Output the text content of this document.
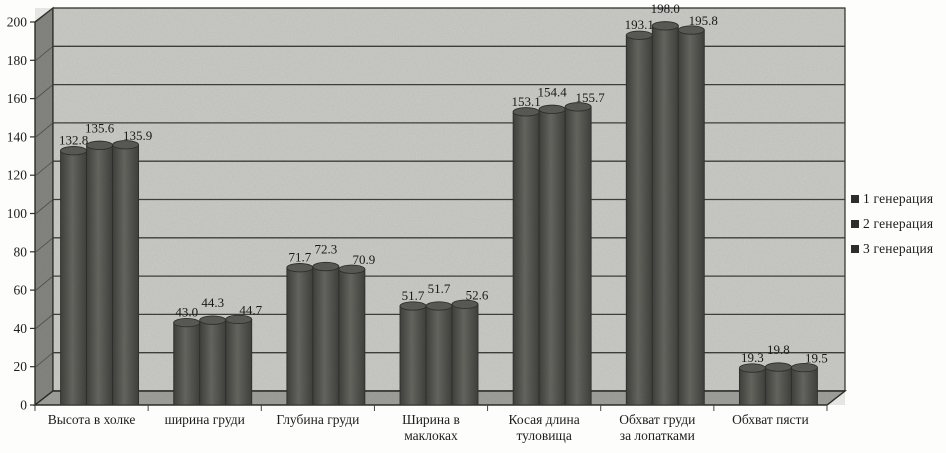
0
20
40
60
80
100
120
140
160
180
200
132.8
135.6 135.9
Высота в холке
43.0
44.3 44.7
ширина груди
71.7
72.3
70.9
Глубина груди
51.7 51.7 52.6
Ширина в маклоках
153.1
154.4 155.7
Косая длина туловища
193.1
198.0
195.8
Обхват груди за лопатками
19.3
19.8
19.5
Обхват пясти
1 генерация
2 генерация
3 генерация
